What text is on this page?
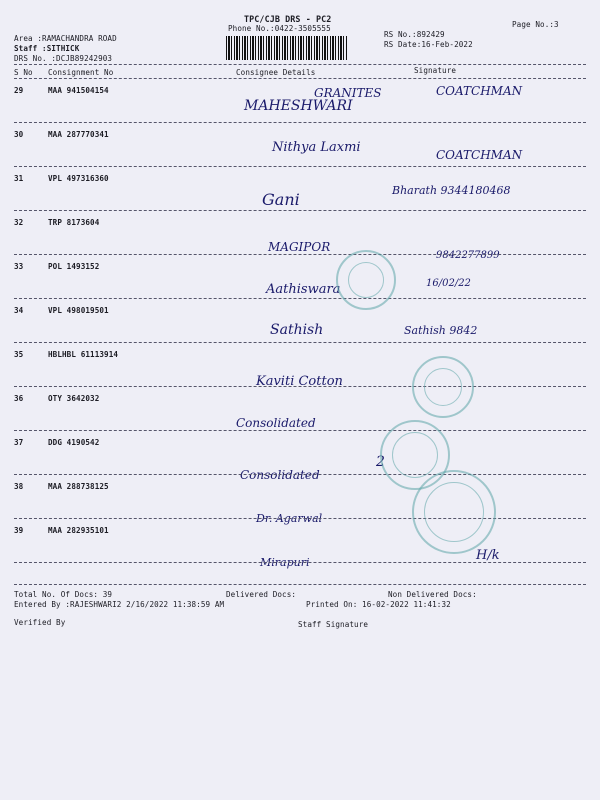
TPC/CJB DRS - PC2
Phone No.:0422-3505555	Page No.:3
Area :RAMACHANDRA ROAD
Staff :SITHICK
DRS No. :DCJB89242903
RS No.:892429
RS Date:16-Feb-2022
S No Consignment No	Consignee Details	Signature
29	MAA 941504154
MAHESHWARI
GRANITES	COATCHMAN
30	MAA 287770341
Nithya Laxmi	COATCHMAN
31	VPL 497316360
Gani	Bharath 9344180468
32	TRP 8173604
MAGIPOR
9842277899
33	POL 1493152
Aathiswara	16/02/22
34	VPL 498019501
Sathish	Sathish 9842
35	HBLHBL 61113914
Kaviti Cotton
36	OTY 3642032
Consolidated
37	DDG 4190542
Consolidated
2
38	MAA 288738125
Dr. Agarwal
39	MAA 282935101
Mirapuri	H/k
Total No. Of Docs: 39	Delivered Docs:	Non Delivered Docs:
Entered By :RAJESHWARI2 2/16/2022 11:38:59 AM	Printed On: 16-02-2022 11:41:32
Verified By	Staff Signature
